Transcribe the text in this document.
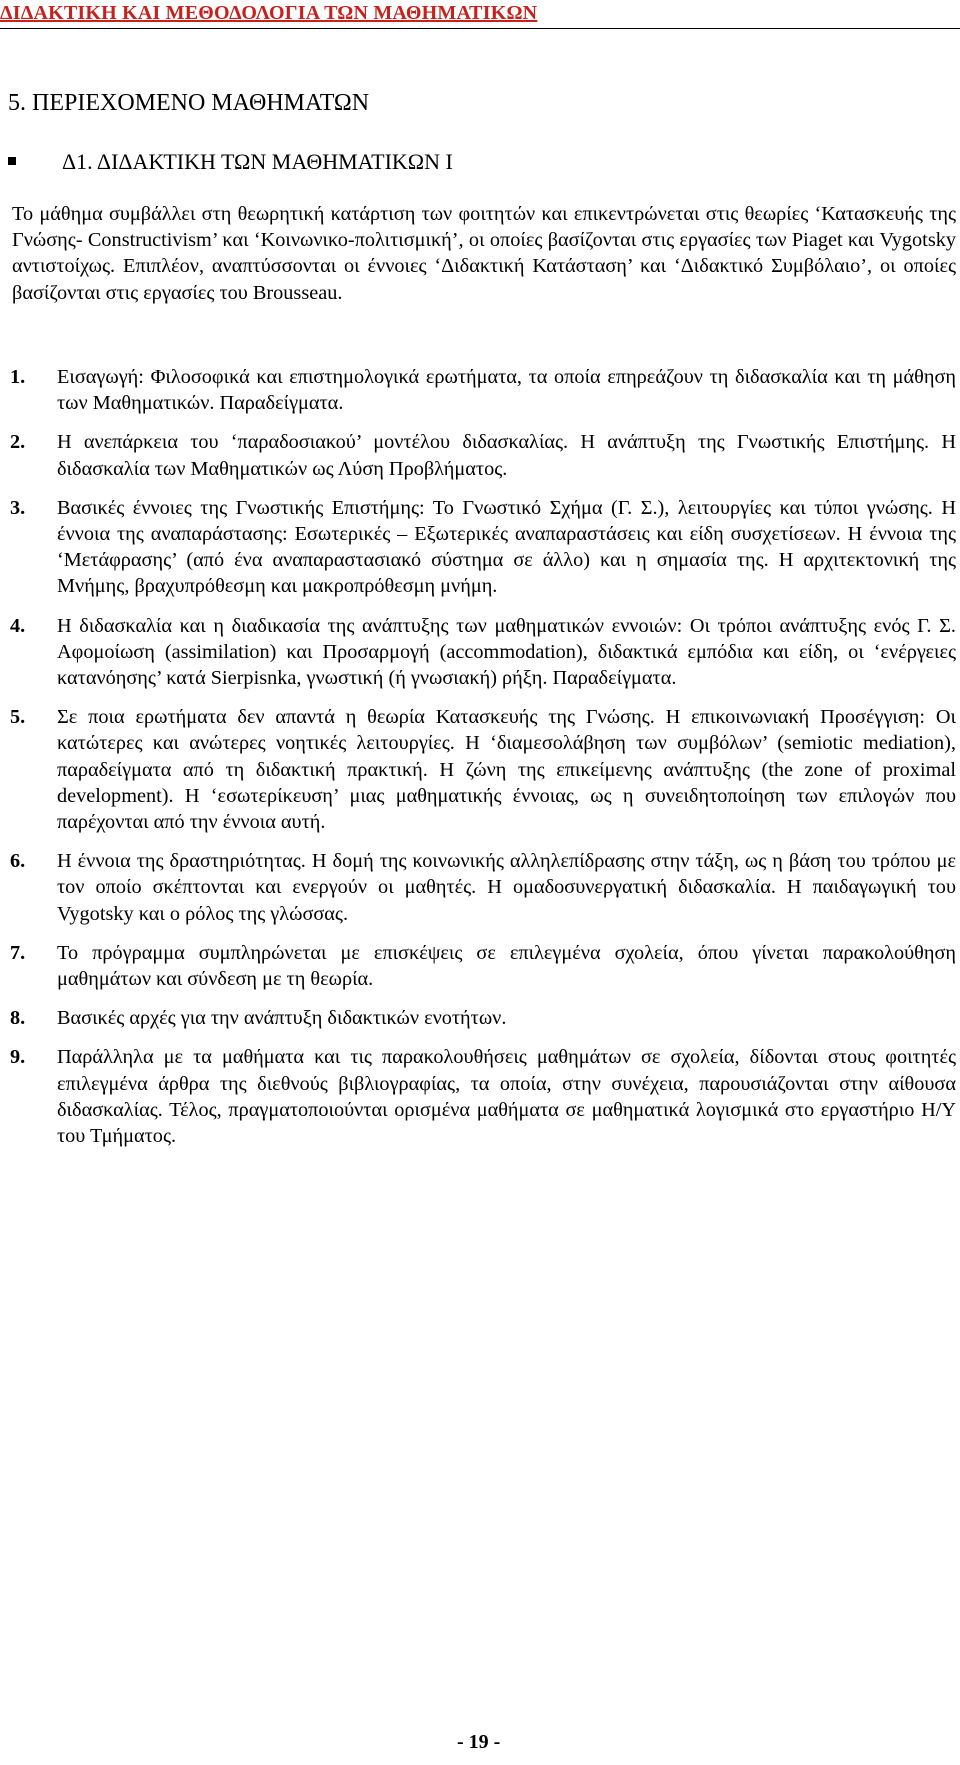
ΔΙΔΑΚΤΙΚΗ ΚΑΙ ΜΕΘΟΔΟΛΟΓΙΑ ΤΩΝ ΜΑΘΗΜΑΤΙΚΩΝ
5. ΠΕΡΙΕΧΟΜΕΝΟ ΜΑΘΗΜΑΤΩΝ
Δ1. ΔΙΔΑΚΤΙΚΗ ΤΩΝ ΜΑΘΗΜΑΤΙΚΩΝ Ι

Το μάθημα συμβάλλει στη θεωρητική κατάρτιση των φοιτητών και επικεντρώνεται στις θεωρίες ‘Κατασκευής της Γνώσης- Constructivism’ και ‘Κοινωνικο-πολιτισμική’, οι οποίες βασίζονται στις εργασίες των Piaget και Vygotsky αντιστοίχως. Επιπλέον, αναπτύσσονται οι έννοιες ‘Διδακτική Κατάσταση’ και ‘Διδακτικό Συμβόλαιο’, οι οποίες βασίζονται στις εργασίες του Brousseau.

1. Εισαγωγή: Φιλοσοφικά και επιστημολογικά ερωτήματα, τα οποία επηρεάζουν τη διδασκαλία και τη μάθηση των Μαθηματικών. Παραδείγματα.
2. Η ανεπάρκεια του ‘παραδοσιακού’ μοντέλου διδασκαλίας. Η ανάπτυξη της Γνωστικής Επιστήμης. Η διδασκαλία των Μαθηματικών ως Λύση Προβλήματος.
3. Βασικές έννοιες της Γνωστικής Επιστήμης: Το Γνωστικό Σχήμα (Γ. Σ.), λειτουργίες και τύποι γνώσης. Η έννοια της αναπαράστασης: Εσωτερικές – Εξωτερικές αναπαραστάσεις και είδη συσχετίσεων. Η έννοια της ‘Μετάφρασης’ (από ένα αναπαραστασιακό σύστημα σε άλλο) και η σημασία της. Η αρχιτεκτονική της Μνήμης, βραχυπρόθεσμη και μακροπρόθεσμη μνήμη.
4. Η διδασκαλία και η διαδικασία της ανάπτυξης των μαθηματικών εννοιών: Οι τρόποι ανάπτυξης ενός Γ. Σ. Αφομοίωση (assimilation) και Προσαρμογή (accommodation), διδακτικά εμπόδια και είδη, οι ‘ενέργειες κατανόησης’ κατά Sierpisnka, γνωστική (ή γνωσιακή) ρήξη. Παραδείγματα.
5. Σε ποια ερωτήματα δεν απαντά η θεωρία Κατασκευής της Γνώσης. Η επικοινωνιακή Προσέγγιση: Οι κατώτερες και ανώτερες νοητικές λειτουργίες. Η ‘διαμεσολάβηση των συμβόλων’ (semiotic mediation), παραδείγματα από τη διδακτική πρακτική. Η ζώνη της επικείμενης ανάπτυξης (the zone of proximal development). Η ‘εσωτερίκευση’ μιας μαθηματικής έννοιας, ως η συνειδητοποίηση των επιλογών που παρέχονται από την έννοια αυτή.
6. Η έννοια της δραστηριότητας. Η δομή της κοινωνικής αλληλεπίδρασης στην τάξη, ως η βάση του τρόπου με τον οποίο σκέπτονται και ενεργούν οι μαθητές. Η ομαδοσυνεργατική διδασκαλία. Η παιδαγωγική του Vygotsky και ο ρόλος της γλώσσας.
7. Το πρόγραμμα συμπληρώνεται με επισκέψεις σε επιλεγμένα σχολεία, όπου γίνεται παρακολούθηση μαθημάτων και σύνδεση με τη θεωρία.
8. Βασικές αρχές για την ανάπτυξη διδακτικών ενοτήτων.
9. Παράλληλα με τα μαθήματα και τις παρακολουθήσεις μαθημάτων σε σχολεία, δίδονται στους φοιτητές επιλεγμένα άρθρα της διεθνούς βιβλιογραφίας, τα οποία, στην συνέχεια, παρουσιάζονται στην αίθουσα διδασκαλίας. Τέλος, πραγματοποιούνται ορισμένα μαθήματα σε μαθηματικά λογισμικά στο εργαστήριο Η/Υ του Τμήματος.
- 19 -
